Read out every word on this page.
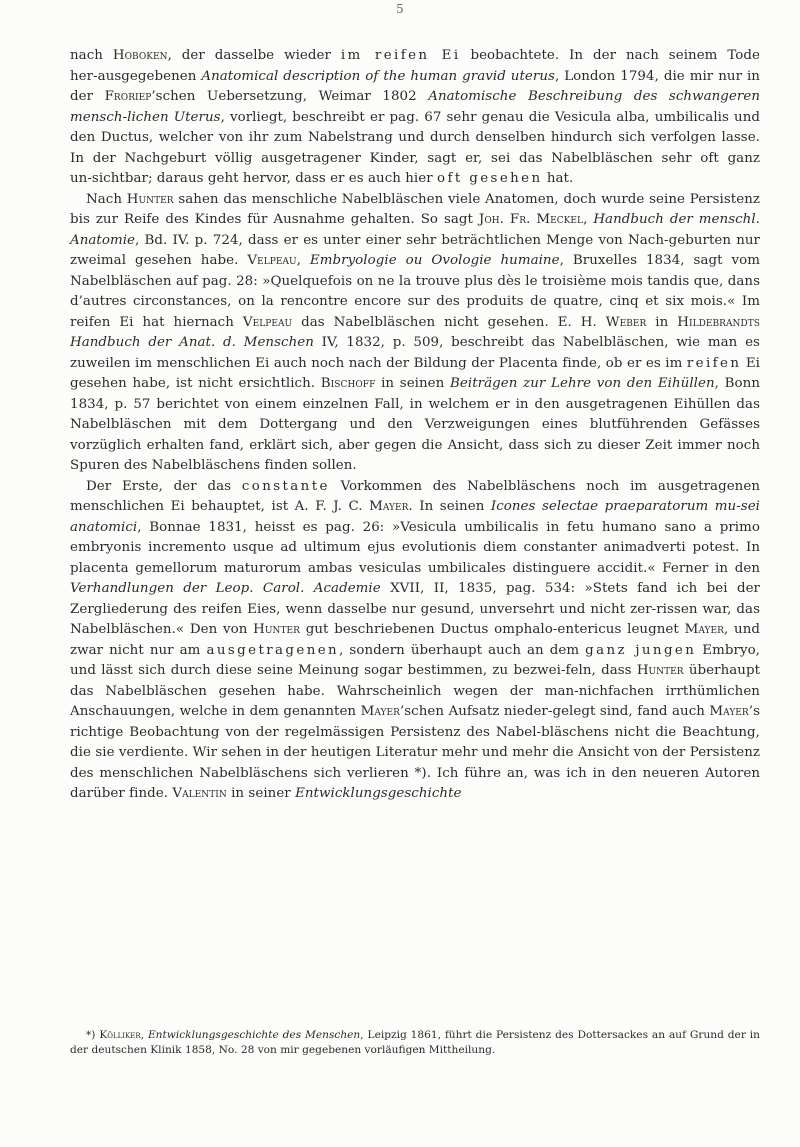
5

nach Hoboken, der dasselbe wieder im reifen Ei beobachtete. In der nach seinem Tode her‑ausgegebenen Anatomical description of the human gravid uterus, London 1794, die mir nur in der Froriep’schen Uebersetzung, Weimar 1802 Anatomische Beschreibung des schwangeren mensch‑lichen Uterus, vorliegt, beschreibt er pag. 67 sehr genau die Vesicula alba, umbilicalis und den Ductus, welcher von ihr zum Nabelstrang und durch denselben hindurch sich verfolgen lasse. In der Nachgeburt völlig ausgetragener Kinder, sagt er, sei das Nabelbläschen sehr oft ganz un‑sichtbar; daraus geht hervor, dass er es auch hier oft gesehen hat.

Nach Hunter sahen das menschliche Nabelbläschen viele Anatomen, doch wurde seine Persistenz bis zur Reife des Kindes für Ausnahme gehalten. So sagt Joh. Fr. Meckel, Handbuch der menschl. Anatomie, Bd. IV. p. 724, dass er es unter einer sehr beträchtlichen Menge von Nach‑geburten nur zweimal gesehen habe. Velpeau, Embryologie ou Ovologie humaine, Bruxelles 1834, sagt vom Nabelbläschen auf pag. 28: »Quelquefois on ne la trouve plus dès le troisième mois tandis que, dans d’autres circonstances, on la rencontre encore sur des produits de quatre, cinq et six mois.« Im reifen Ei hat hiernach Velpeau das Nabelbläschen nicht gesehen. E. H. Weber in Hildebrandts Handbuch der Anat. d. Menschen IV, 1832, p. 509, beschreibt das Nabelbläschen, wie man es zuweilen im menschlichen Ei auch noch nach der Bildung der Placenta finde, ob er es im reifen Ei gesehen habe, ist nicht ersichtlich. Bischoff in seinen Beiträgen zur Lehre von den Eihüllen, Bonn 1834, p. 57 berichtet von einem einzelnen Fall, in welchem er in den ausgetragenen Eihüllen das Nabelbläschen mit dem Dottergang und den Verzweigungen eines blutführenden Gefässes vorzüglich erhalten fand, erklärt sich, aber gegen die Ansicht, dass sich zu dieser Zeit immer noch Spuren des Nabelbläschens finden sollen.

Der Erste, der das constante Vorkommen des Nabelbläschens noch im ausgetragenen menschlichen Ei behauptet, ist A. F. J. C. Mayer. In seinen Icones selectae praeparatorum mu‑sei anatomici, Bonnae 1831, heisst es pag. 26: »Vesicula umbilicalis in fetu humano sano a primo embryonis incremento usque ad ultimum ejus evolutionis diem constanter animadverti potest. In placenta gemellorum maturorum ambas vesiculas umbilicales distinguere accidit.« Ferner in den Verhandlungen der Leop. Carol. Academie XVII, II, 1835, pag. 534: »Stets fand ich bei der Zergliederung des reifen Eies, wenn dasselbe nur gesund, unversehrt und nicht zer‑rissen war, das Nabelbläschen.« Den von Hunter gut beschriebenen Ductus omphalo‑entericus leugnet Mayer, und zwar nicht nur am ausgetragenen, sondern überhaupt auch an dem ganz jungen Embryo, und lässt sich durch diese seine Meinung sogar bestimmen, zu bezwei‑feln, dass Hunter überhaupt das Nabelbläschen gesehen habe. Wahrscheinlich wegen der man‑nichfachen irrthümlichen Anschauungen, welche in dem genannten Mayer’schen Aufsatz nieder‑gelegt sind, fand auch Mayer’s richtige Beobachtung von der regelmässigen Persistenz des Nabel‑bläschens nicht die Beachtung, die sie verdiente. Wir sehen in der heutigen Literatur mehr und mehr die Ansicht von der Persistenz des menschlichen Nabelbläschens sich verlieren *). Ich führe an, was ich in den neueren Autoren darüber finde. Valentin in seiner Entwicklungsgeschichte

*) Kölliker, Entwicklungsgeschichte des Menschen, Leipzig 1861, führt die Persistenz des Dottersackes an auf Grund der in der deutschen Klinik 1858, No. 28 von mir gegebenen vorläufigen Mittheilung.
